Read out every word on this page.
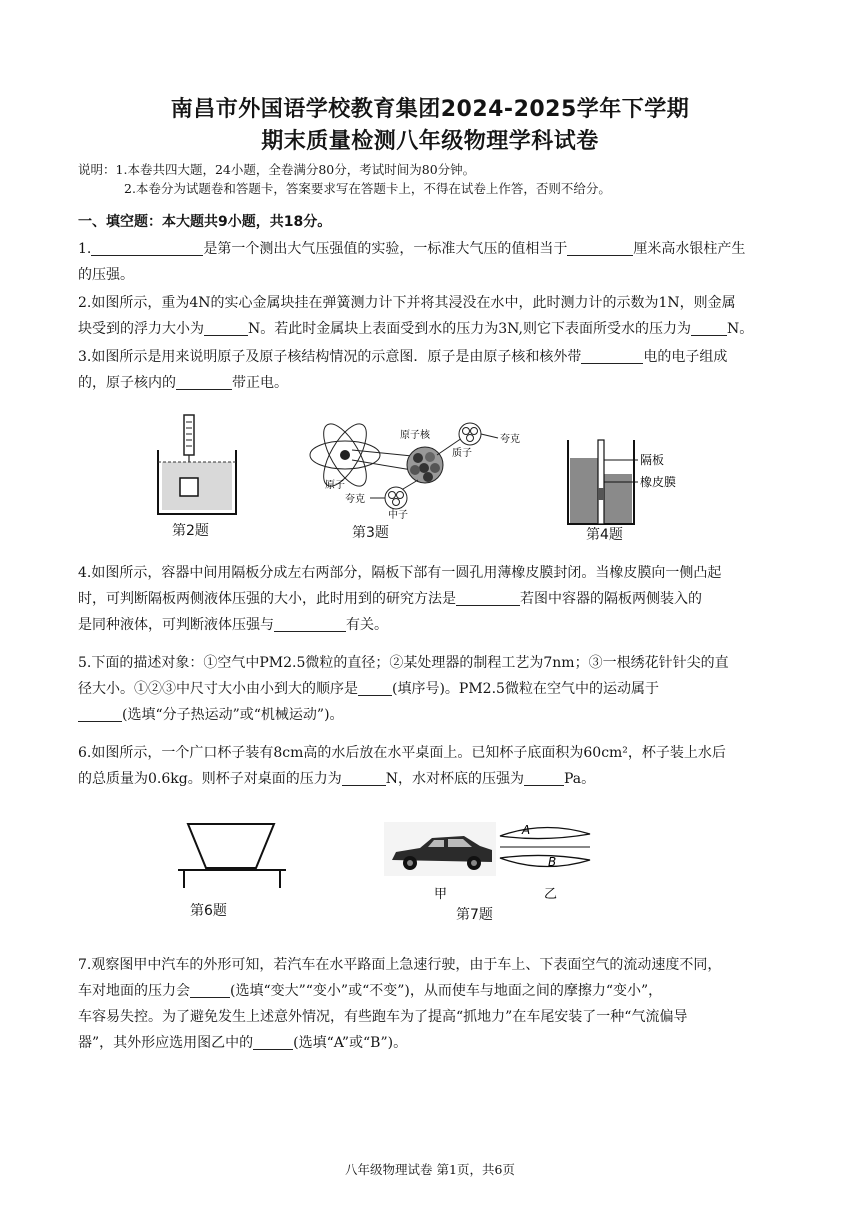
南昌市外国语学校教育集团2024-2025学年下学期
期末质量检测八年级物理学科试卷
说明：1.本卷共四大题，24小题，全卷满分80分，考试时间为80分钟。
2.本卷分为试题卷和答题卡，答案要求写在答题卡上，不得在试卷上作答，否则不给分。
一、填空题：本大题共9小题，共18分。
1.	是第一个测出大气压强值的实验，一标准大气压的值相当于	厘米高水银柱产生
的压强。
2.如图所示，重为4N的实心金属块挂在弹簧测力计下并将其浸没在水中，此时测力计的示数为1N，则金属
块受到的浮力大小为	N。若此时金属块上表面受到水的压力为3N,则它下表面所受水的压力为	N。
3.如图所示是用来说明原子及原子核结构情况的示意图．原子是由原子核和核外带	电的电子组成
的，原子核内的	带正电。
第2题
原子核
质子
夸克
原子
夸克
中子
第3题
隔板
橡皮膜
第4题
4.如图所示，容器中间用隔板分成左右两部分，隔板下部有一圆孔用薄橡皮膜封闭。当橡皮膜向一侧凸起
时，可判断隔板两侧液体压强的大小，此时用到的研究方法是	若图中容器的隔板两侧装入的
是同种液体，可判断液体压强与	有关。
5.下面的描述对象：①空气中PM2.5微粒的直径；②某处理器的制程工艺为7nm；③一根绣花针针尖的直
径大小。①②③中尺寸大小由小到大的顺序是 (填序号)。PM2.5微粒在空气中的运动属于
(选填“分子热运动”或“机械运动”)。
6.如图所示，一个广口杯子装有8cm高的水后放在水平桌面上。已知杯子底面积为60cm²，杯子装上水后
的总质量为0.6kg。则杯子对桌面的压力为	N，水对杯底的压强为	Pa。
第6题
A
B
甲	乙
第7题
7.观察图甲中汽车的外形可知，若汽车在水平路面上急速行驶，由于车上、下表面空气的流动速度不同，
车对地面的压力会	(选填“变大”“变小”或“不变”)，从而使车与地面之间的摩擦力“变小”，
车容易失控。为了避免发生上述意外情况，有些跑车为了提高“抓地力”在车尾安装了一种“气流偏导
器”，其外形应选用图乙中的	(选填“A”或“B”)。
八年级物理试卷 第1页，共6页
